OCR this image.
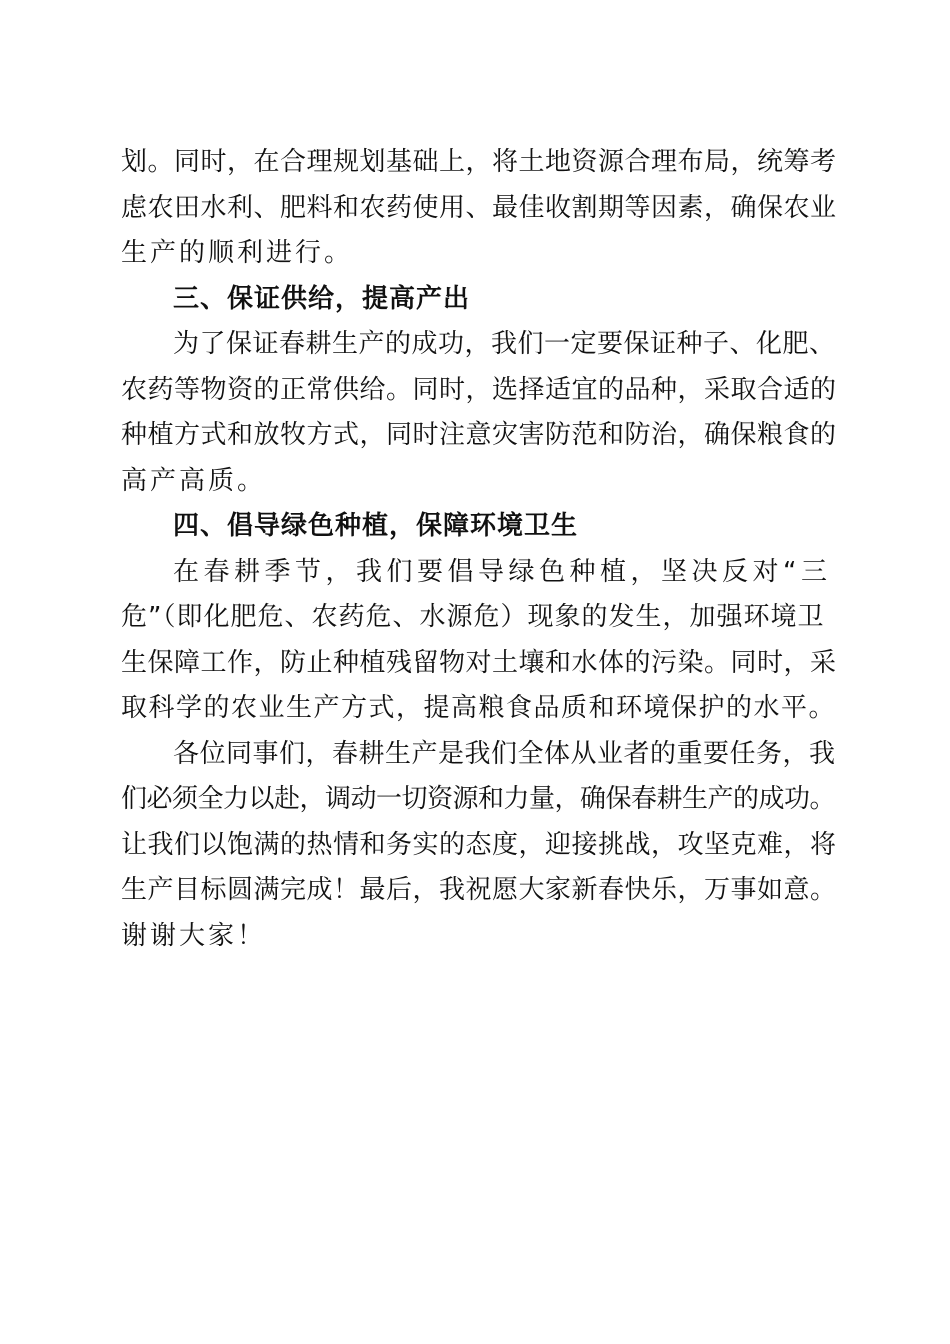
划。同时，在合理规划基础上，将土地资源合理布局，统筹考
虑农田水利、肥料和农药使用、最佳收割期等因素，确保农业
生产的顺利进行。
三、保证供给，提高产出
为了保证春耕生产的成功，我们一定要保证种子、化肥、
农药等物资的正常供给。同时，选择适宜的品种，采取合适的
种植方式和放牧方式，同时注意灾害防范和防治，确保粮食的
高产高质。
四、倡导绿色种植，保障环境卫生
在春耕季节，我们要倡导绿色种植，坚决反对“三
危”（即化肥危、农药危、水源危）现象的发生，加强环境卫
生保障工作，防止种植残留物对土壤和水体的污染。同时，采
取科学的农业生产方式，提高粮食品质和环境保护的水平。
各位同事们，春耕生产是我们全体从业者的重要任务，我
们必须全力以赴，调动一切资源和力量，确保春耕生产的成功。
让我们以饱满的热情和务实的态度，迎接挑战，攻坚克难，将
生产目标圆满完成！最后，我祝愿大家新春快乐，万事如意。
谢谢大家！
